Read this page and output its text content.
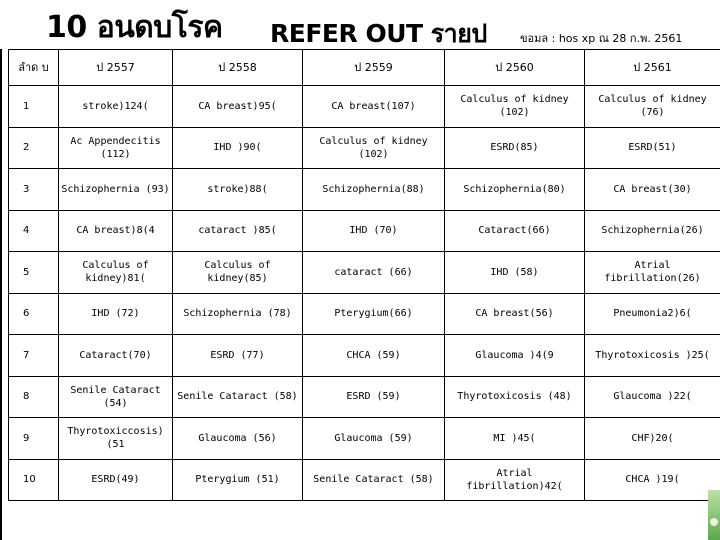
10 อนดบโรค REFER OUT รายป	ขอมล : hos xp ณ 28 ก.พ. 2561
ลำด บ	ป 2557	ป 2558	ป 2559	ป 2560	ป 2561
1	stroke)124(	CA breast)95(	CA breast(107)	Calculus of kidney (102)	Calculus of kidney (76)
2	Ac Appendecitis (112)	IHD )90(	Calculus of kidney (102)	ESRD(85)	ESRD(51)
3	Schizophernia (93)	stroke)88(	Schizophernia(88)	Schizophernia(80)	CA breast(30)
4	CA breast)8(4	cataract )85(	IHD (70)	Cataract(66)	Schizophernia(26)
5	Calculus of kidney)81(	Calculus of kidney(85)	cataract (66)	IHD (58)	Atrial fibrillation(26)
6	IHD (72)	Schizophernia (78)	Pterygium(66)	CA breast(56)	Pneumonia2)6(
7	Cataract(70)	ESRD (77)	CHCA (59)	Glaucoma )4(9	Thyrotoxicosis )25(
8	Senile Cataract (54)	Senile Cataract (58)	ESRD (59)	Thyrotoxicosis (48)	Glaucoma )22(
9	Thyrotoxiccosis) (51	Glaucoma (56)	Glaucoma (59)	MI )45(	CHF)20(
10	ESRD(49)	Pterygium (51)	Senile Cataract (58)	Atrial fibrillation)42(	CHCA )19(
